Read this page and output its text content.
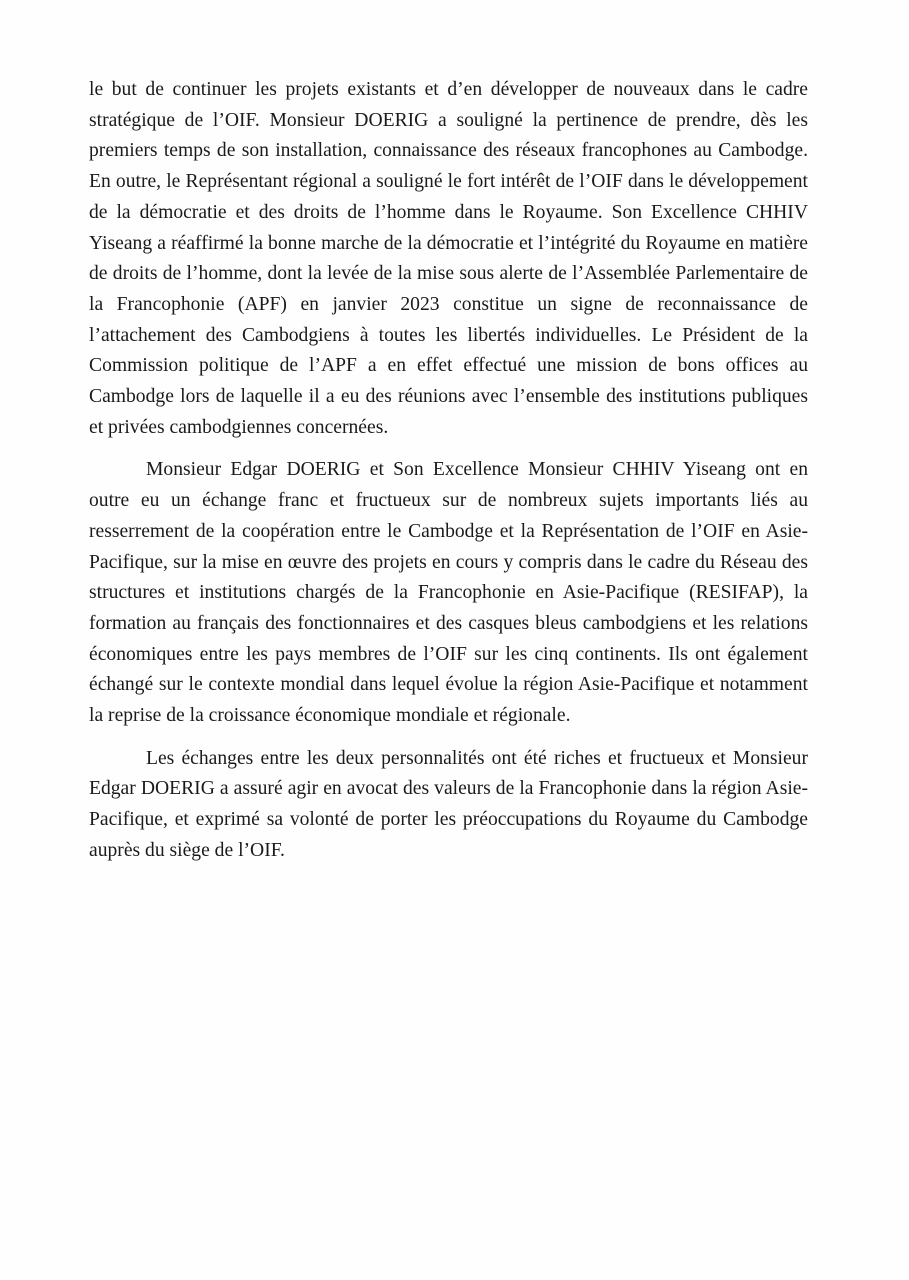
le but de continuer les projets existants et d’en développer de nouveaux dans le cadre stratégique de l’OIF. Monsieur DOERIG a souligné la pertinence de prendre, dès les premiers temps de son installation, connaissance des réseaux francophones au Cambodge. En outre, le Représentant régional a souligné le fort intérêt de l’OIF dans le développement de la démocratie et des droits de l’homme dans le Royaume. Son Excellence CHHIV Yiseang a réaffirmé la bonne marche de la démocratie et l’intégrité du Royaume en matière de droits de l’homme, dont la levée de la mise sous alerte de l’Assemblée Parlementaire de la Francophonie (APF) en janvier 2023 constitue un signe de reconnaissance de l’attachement des Cambodgiens à toutes les libertés individuelles. Le Président de la Commission politique de l’APF a en effet effectué une mission de bons offices au Cambodge lors de laquelle il a eu des réunions avec l’ensemble des institutions publiques et privées cambodgiennes concernées.

Monsieur Edgar DOERIG et Son Excellence Monsieur CHHIV Yiseang ont en outre eu un échange franc et fructueux sur de nombreux sujets importants liés au resserrement de la coopération entre le Cambodge et la Représentation de l’OIF en Asie-Pacifique, sur la mise en œuvre des projets en cours y compris dans le cadre du Réseau des structures et institutions chargés de la Francophonie en Asie-Pacifique (RESIFAP), la formation au français des fonctionnaires et des casques bleus cambodgiens et les relations économiques entre les pays membres de l’OIF sur les cinq continents. Ils ont également échangé sur le contexte mondial dans lequel évolue la région Asie-Pacifique et notamment la reprise de la croissance économique mondiale et régionale.

Les échanges entre les deux personnalités ont été riches et fructueux et Monsieur Edgar DOERIG a assuré agir en avocat des valeurs de la Francophonie dans la région Asie-Pacifique, et exprimé sa volonté de porter les préoccupations du Royaume du Cambodge auprès du siège de l’OIF.
